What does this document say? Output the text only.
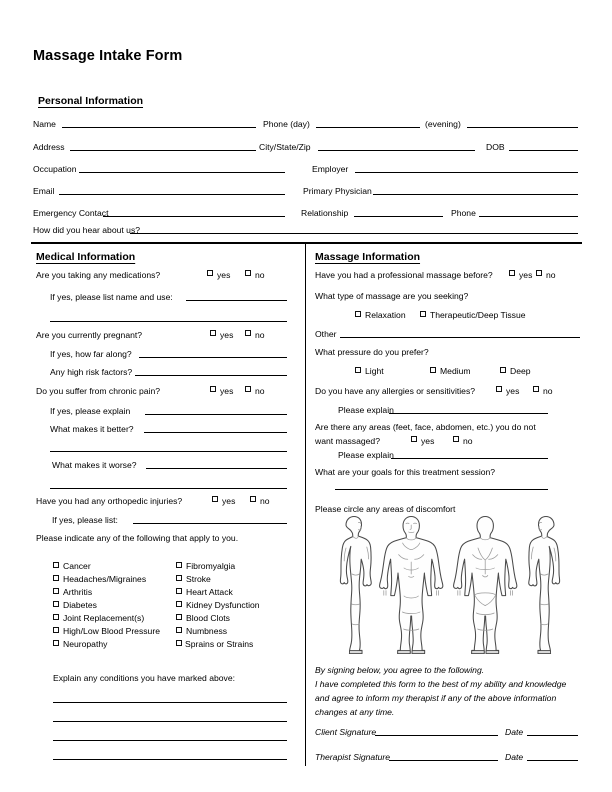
Massage Intake Form
Personal Information
Name	Phone (day)	(evening)
Address	City/State/Zip	DOB
Occupation	Employer
Email	Primary Physician
Emergency Contact	Relationship	Phone
How did you hear about us?
Medical Information
Are you taking any medications?	yes	no
If yes, please list name and use:
Are you currently pregnant?	yes	no
If yes, how far along?
Any high risk factors?
Do you suffer from chronic pain?	yes	no
If yes, please explain
What makes it better?
What makes it worse?
Have you had any orthopedic injuries?	yes	no
If yes, please list:
Please indicate any of the following that apply to you.
Cancer
Headaches/Migraines
Arthritis
Diabetes
Joint Replacement(s)
High/Low Blood Pressure
Neuropathy
Fibromyalgia
Stroke
Heart Attack
Kidney Dysfunction
Blood Clots
Numbness
Sprains or Strains
Explain any conditions you have marked above:
Massage Information
Have you had a professional massage before?	yes no
What type of massage are you seeking?
Relaxation	Therapeutic/Deep Tissue
Other
What pressure do you prefer?
Light	Medium	Deep
Do you have any allergies or sensitivities?	yes	no
Please explain
Are there any areas (feet, face, abdomen, etc.) you do not
want massaged?	yes	no
Please explain
What are your goals for this treatment session?
Please circle any areas of discomfort
By signing below, you agree to the following.
I have completed this form to the best of my ability and knowledge
and agree to inform my therapist if any of the above information
changes at any time.
Client Signature	Date
Therapist Signature	Date
